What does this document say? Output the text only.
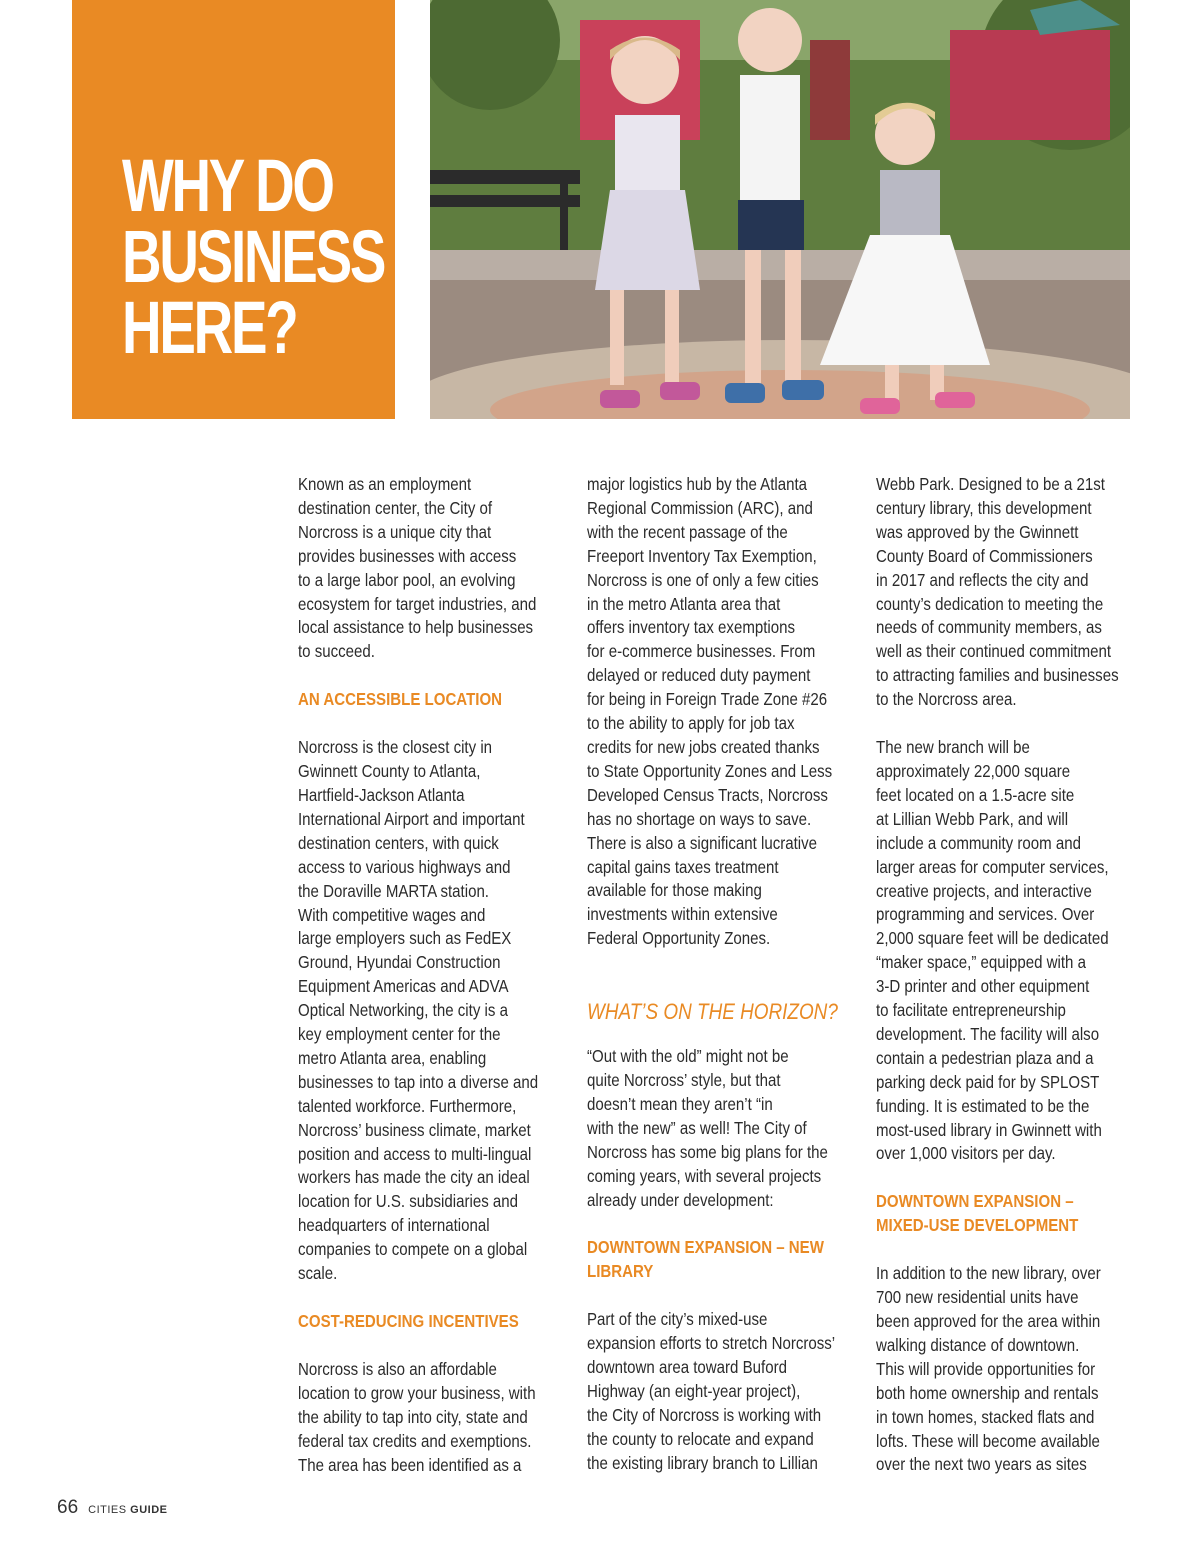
WHY DO
BUSINESS
HERE?

Known as an employment

destination center, the City of

Norcross is a unique city that

provides businesses with access

to a large labor pool, an evolving

ecosystem for target industries, and

local assistance to help businesses

to succeed.

AN ACCESSIBLE LOCATION

Norcross is the closest city in

Gwinnett County to Atlanta,

Hartfield-Jackson Atlanta

International Airport and important

destination centers, with quick

access to various highways and

the Doraville MARTA station.

With competitive wages and

large employers such as FedEX

Ground, Hyundai Construction

Equipment Americas and ADVA

Optical Networking, the city is a

key employment center for the

metro Atlanta area, enabling

businesses to tap into a diverse and

talented workforce. Furthermore,

Norcross’ business climate, market

position and access to multi-lingual

workers has made the city an ideal

location for U.S. subsidiaries and

headquarters of international

companies to compete on a global

scale.

COST-REDUCING INCENTIVES

Norcross is also an affordable

location to grow your business, with

the ability to tap into city, state and

federal tax credits and exemptions.

The area has been identified as a

major logistics hub by the Atlanta

Regional Commission (ARC), and

with the recent passage of the

Freeport Inventory Tax Exemption,

Norcross is one of only a few cities

in the metro Atlanta area that

offers inventory tax exemptions

for e-commerce businesses. From

delayed or reduced duty payment

for being in Foreign Trade Zone #26

to the ability to apply for job tax

credits for new jobs created thanks

to State Opportunity Zones and Less

Developed Census Tracts, Norcross

has no shortage on ways to save.

There is also a significant lucrative

capital gains taxes treatment

available for those making

investments within extensive

Federal Opportunity Zones.

WHAT’S ON THE HORIZON?

“Out with the old” might not be

quite Norcross’ style, but that

doesn’t mean they aren’t “in

with the new” as well! The City of

Norcross has some big plans for the

coming years, with several projects

already under development:

DOWNTOWN EXPANSION – NEW

LIBRARY

Part of the city’s mixed-use

expansion efforts to stretch Norcross’

downtown area toward Buford

Highway (an eight-year project),

the City of Norcross is working with

the county to relocate and expand

the existing library branch to Lillian

Webb Park. Designed to be a 21st

century library, this development

was approved by the Gwinnett

County Board of Commissioners

in 2017 and reflects the city and

county’s dedication to meeting the

needs of community members, as

well as their continued commitment

to attracting families and businesses

to the Norcross area.

The new branch will be

approximately 22,000 square

feet located on a 1.5-acre site

at Lillian Webb Park, and will

include a community room and

larger areas for computer services,

creative projects, and interactive

programming and services. Over

2,000 square feet will be dedicated

“maker space,” equipped with a

3-D printer and other equipment

to facilitate entrepreneurship

development. The facility will also

contain a pedestrian plaza and a

parking deck paid for by SPLOST

funding. It is estimated to be the

most-used library in Gwinnett with

over 1,000 visitors per day.

DOWNTOWN EXPANSION –

MIXED-USE DEVELOPMENT

In addition to the new library, over

700 new residential units have

been approved for the area within

walking distance of downtown.

This will provide opportunities for

both home ownership and rentals

in town homes, stacked flats and

lofts. These will become available

over the next two years as sites

66 CITIES GUIDE
